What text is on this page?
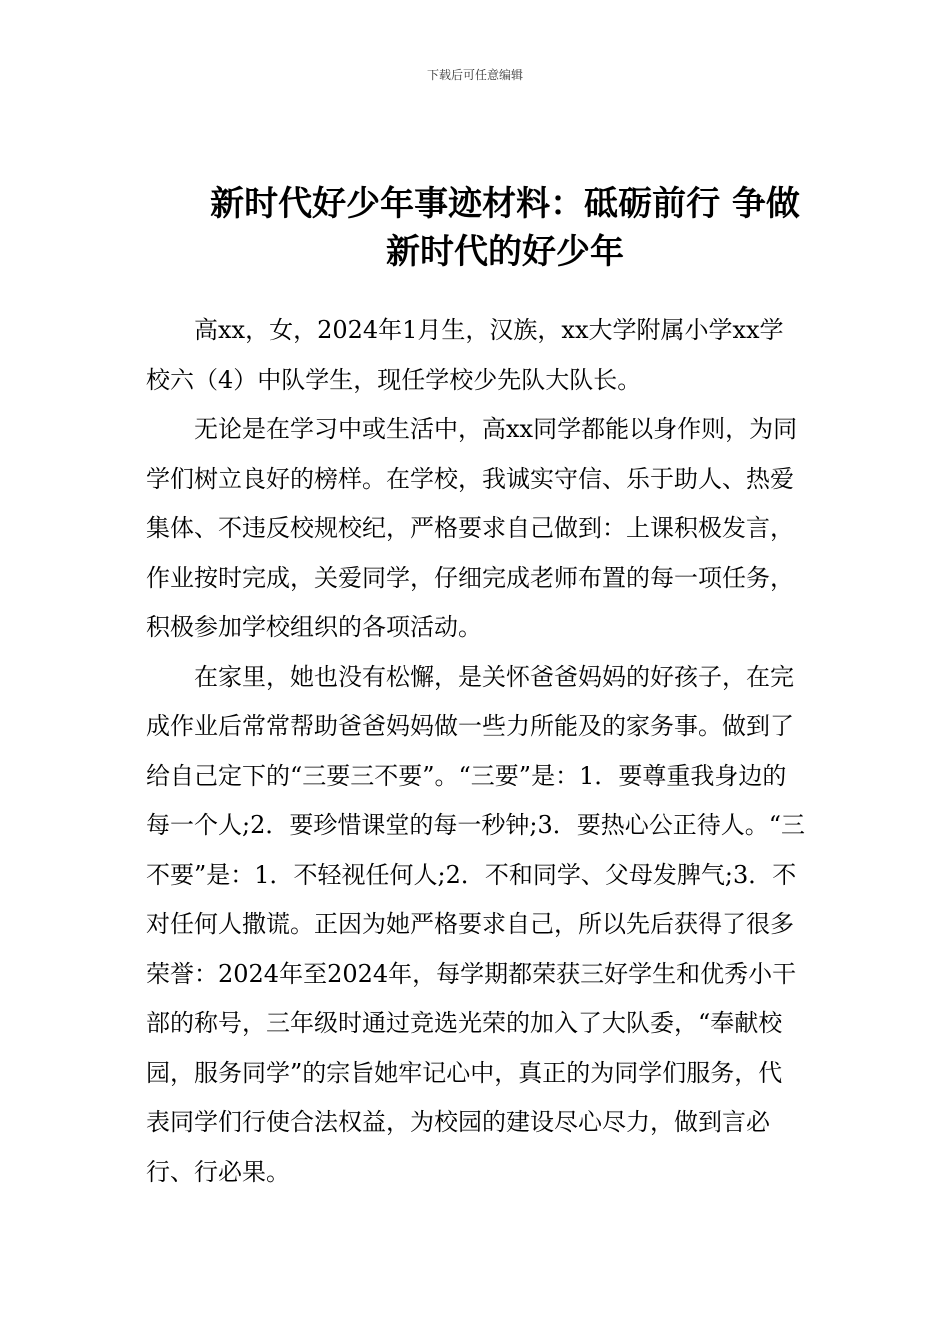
下载后可任意编辑
新时代好少年事迹材料：砥砺前行 争做新时代的好少年

高xx，女，2024年1月生，汉族，xx大学附属小学xx学校六（4）中队学生，现任学校少先队大队长。

无论是在学习中或生活中，高xx同学都能以身作则，为同学们树立良好的榜样。在学校，我诚实守信、乐于助人、热爱集体、不违反校规校纪，严格要求自己做到：上课积极发言，作业按时完成，关爱同学，仔细完成老师布置的每一项任务，积极参加学校组织的各项活动。

在家里，她也没有松懈，是关怀爸爸妈妈的好孩子，在完成作业后常常帮助爸爸妈妈做一些力所能及的家务事。做到了给自己定下的“三要三不要”。“三要”是：1．要尊重我身边的每一个人;2．要珍惜课堂的每一秒钟;3．要热心公正待人。“三不要”是：1．不轻视任何人;2．不和同学、父母发脾气;3．不对任何人撒谎。正因为她严格要求自己，所以先后获得了很多荣誉：2024年至2024年，每学期都荣获三好学生和优秀小干部的称号，三年级时通过竞选光荣的加入了大队委，“奉献校园，服务同学”的宗旨她牢记心中，真正的为同学们服务，代表同学们行使合法权益，为校园的建设尽心尽力，做到言必行、行必果。
